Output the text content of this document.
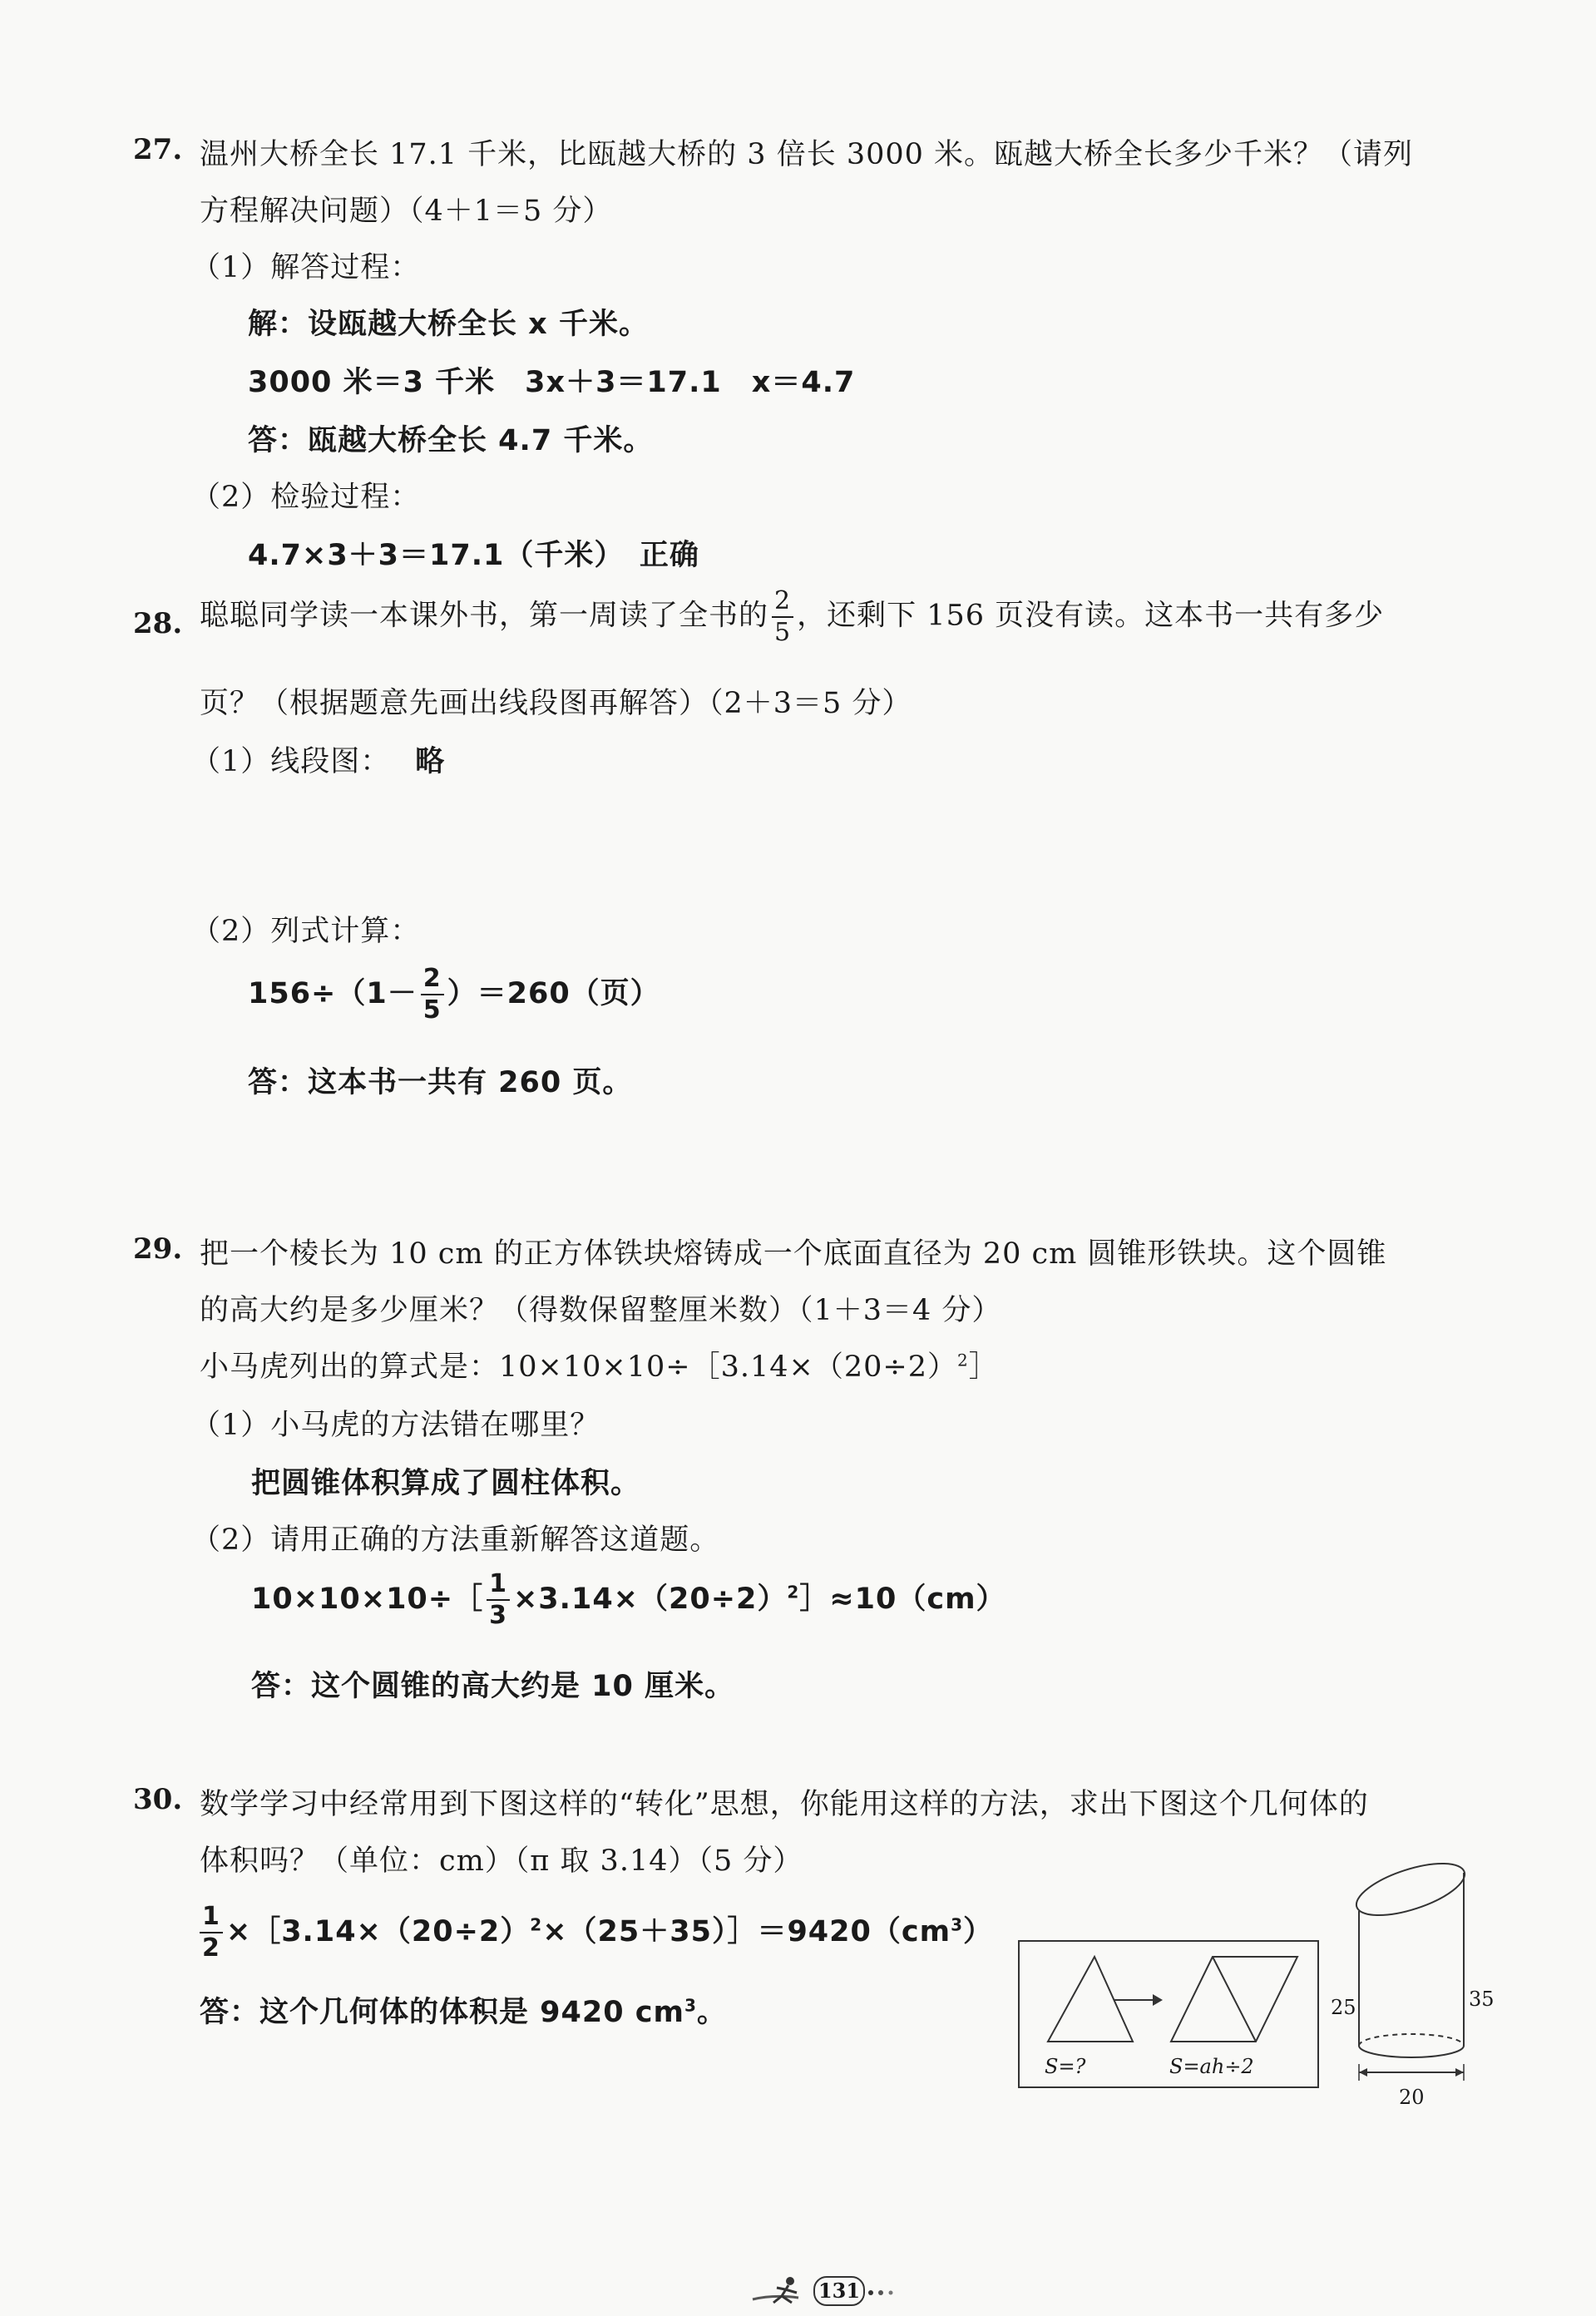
27. 温州大桥全长 17.1 千米，比瓯越大桥的 3 倍长 3000 米。瓯越大桥全长多少千米？（请列
方程解决问题）（4＋1＝5 分）
（1）解答过程：
解：设瓯越大桥全长 x 千米。
3000 米＝3 千米　3x＋3＝17.1　x＝4.7
答：瓯越大桥全长 4.7 千米。
（2）检验过程：
4.7×3＋3＝17.1（千米）　正确
28. 聪聪同学读一本课外书，第一周读了全书的 $\frac{2}{5}$ ，还剩下 156 页没有读。这本书一共有多少
页？（根据题意先画出线段图再解答）（2＋3＝5 分）
（1）线段图： 略
（2）列式计算：
$156\div(1- \frac{2}{5} )=260$（页）
答：这本书一共有 260 页。
29. 把一个棱长为 10 cm 的正方体铁块熔铸成一个底面直径为 20 cm 圆锥形铁块。这个圆锥
的高大约是多少厘米？（得数保留整厘米数）（1＋3＝4 分）
小马虎列出的算式是：$10\times 10\times 10\div[3.14\times(20\div 2)^2]$
（1）小马虎的方法错在哪里？
把圆锥体积算成了圆柱体积。
（2）请用正确的方法重新解答这道题。
10×10×10÷［ $\frac{1}{3}$ $\times 3.14\times(20\div 2)^2]\approx 10(cm)$
答：这个圆锥的高大约是 10 厘米。
30. 数学学习中经常用到下图这样的“转化”思想，你能用这样的方法，求出下图这个几何体的
体积吗？（单位：cm）（π 取 3.14）（5 分）
$\frac{1}{2}$ $\times[3.14\times(20\div 2)^2\times(25+35)]=9420(cm^3)$
答：这个几何体的体积是 9420 $cm^3$。
S=?	S=ah÷2
25	35
20
131
